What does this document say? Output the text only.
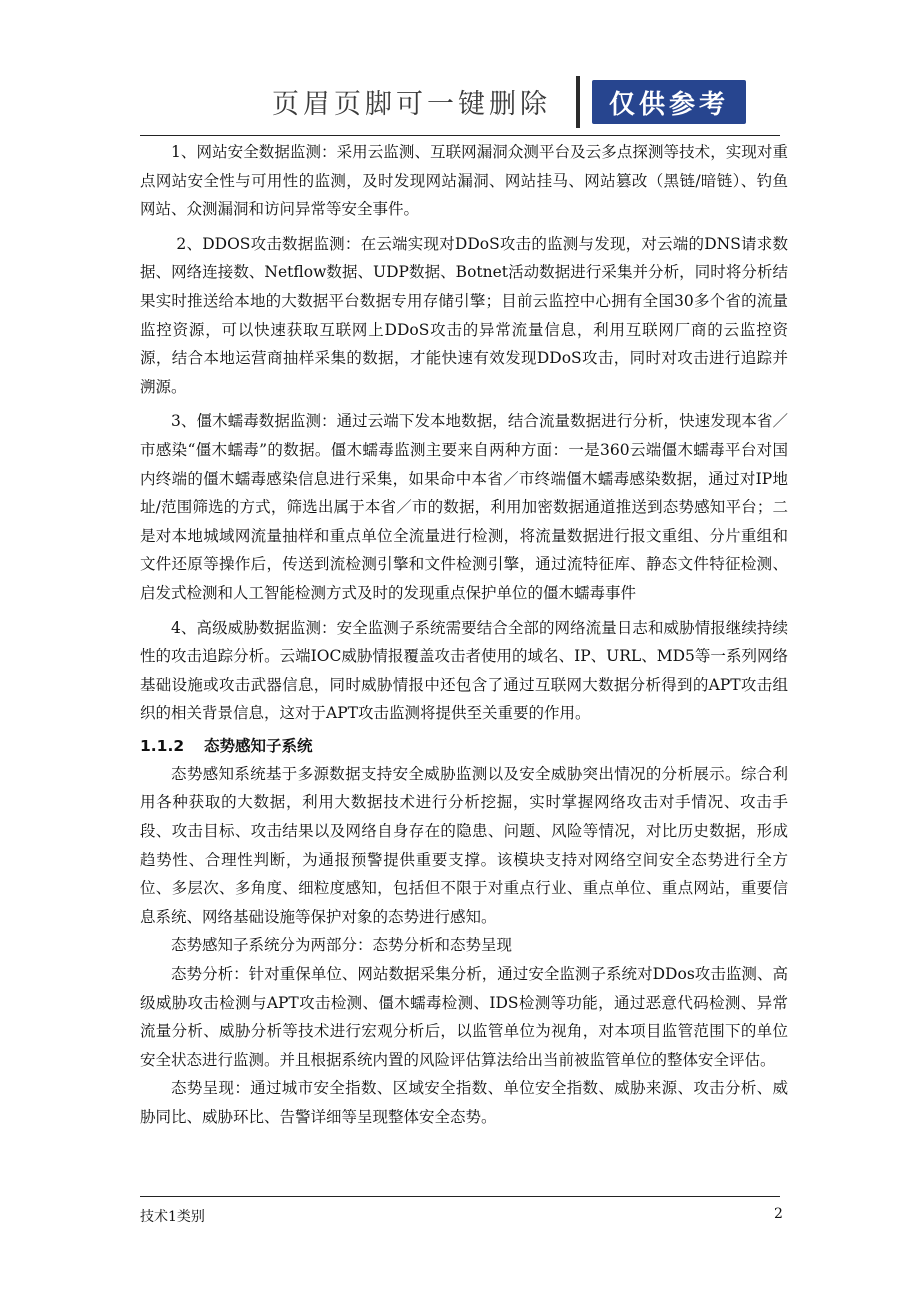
页眉页脚可一键删除	仅供参考

1、网站安全数据监测：采用云监测、互联网漏洞众测平台及云多点探测等技术，实现对重点网站安全性与可用性的监测，及时发现网站漏洞、网站挂马、网站篡改（黑链/暗链）、钓鱼网站、众测漏洞和访问异常等安全事件。

2、DDOS攻击数据监测：在云端实现对DDoS攻击的监测与发现，对云端的DNS请求数据、网络连接数、Netflow数据、UDP数据、Botnet活动数据进行采集并分析，同时将分析结果实时推送给本地的大数据平台数据专用存储引擎；目前云监控中心拥有全国30多个省的流量监控资源，可以快速获取互联网上DDoS攻击的异常流量信息，利用互联网厂商的云监控资源，结合本地运营商抽样采集的数据，才能快速有效发现DDoS攻击，同时对攻击进行追踪并溯源。

3、僵木蠕毒数据监测：通过云端下发本地数据，结合流量数据进行分析，快速发现本省／市感染“僵木蠕毒”的数据。僵木蠕毒监测主要来自两种方面：一是360云端僵木蠕毒平台对国内终端的僵木蠕毒感染信息进行采集，如果命中本省／市终端僵木蠕毒感染数据，通过对IP地址/范围筛选的方式，筛选出属于本省／市的数据，利用加密数据通道推送到态势感知平台；二是对本地城域网流量抽样和重点单位全流量进行检测，将流量数据进行报文重组、分片重组和文件还原等操作后，传送到流检测引擎和文件检测引擎，通过流特征库、静态文件特征检测、启发式检测和人工智能检测方式及时的发现重点保护单位的僵木蠕毒事件

4、高级威胁数据监测：安全监测子系统需要结合全部的网络流量日志和威胁情报继续持续性的攻击追踪分析。云端IOC威胁情报覆盖攻击者使用的域名、IP、URL、MD5等一系列网络基础设施或攻击武器信息，同时威胁情报中还包含了通过互联网大数据分析得到的APT攻击组织的相关背景信息，这对于APT攻击监测将提供至关重要的作用。

1.1.2 态势感知子系统

态势感知系统基于多源数据支持安全威胁监测以及安全威胁突出情况的分析展示。综合利用各种获取的大数据，利用大数据技术进行分析挖掘，实时掌握网络攻击对手情况、攻击手段、攻击目标、攻击结果以及网络自身存在的隐患、问题、风险等情况，对比历史数据，形成趋势性、合理性判断，为通报预警提供重要支撑。该模块支持对网络空间安全态势进行全方位、多层次、多角度、细粒度感知，包括但不限于对重点行业、重点单位、重点网站，重要信息系统、网络基础设施等保护对象的态势进行感知。

态势感知子系统分为两部分：态势分析和态势呈现

态势分析：针对重保单位、网站数据采集分析，通过安全监测子系统对DDos攻击监测、高级威胁攻击检测与APT攻击检测、僵木蠕毒检测、IDS检测等功能，通过恶意代码检测、异常流量分析、威胁分析等技术进行宏观分析后，以监管单位为视角，对本项目监管范围下的单位安全状态进行监测。并且根据系统内置的风险评估算法给出当前被监管单位的整体安全评估。

态势呈现：通过城市安全指数、区域安全指数、单位安全指数、威胁来源、攻击分析、威胁同比、威胁环比、告警详细等呈现整体安全态势。

技术1类别	2
